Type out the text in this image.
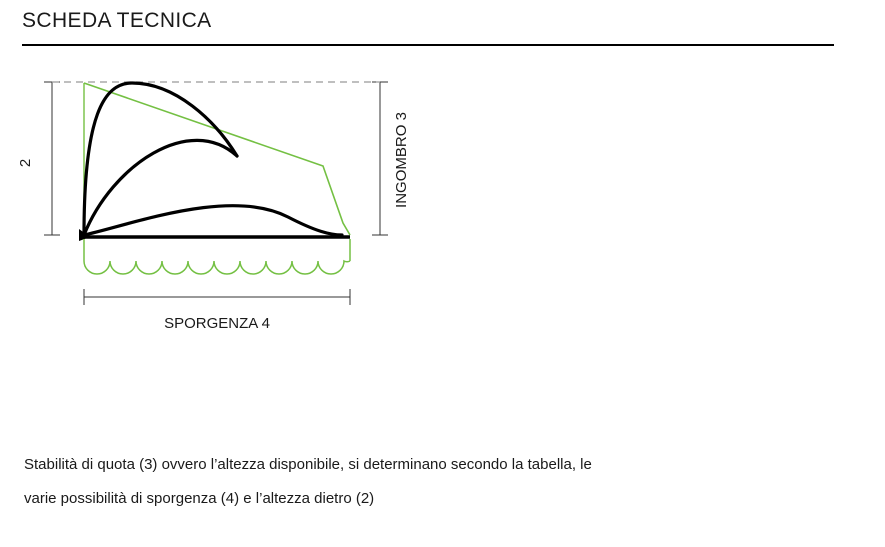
SCHEDA TECNICA
2	INGOMBRO 3
SPORGENZA 4
Stabilità di quota (3) ovvero l’altezza disponibile, si determinano secondo la tabella, le
varie possibilità di sporgenza (4) e l’altezza dietro (2)
